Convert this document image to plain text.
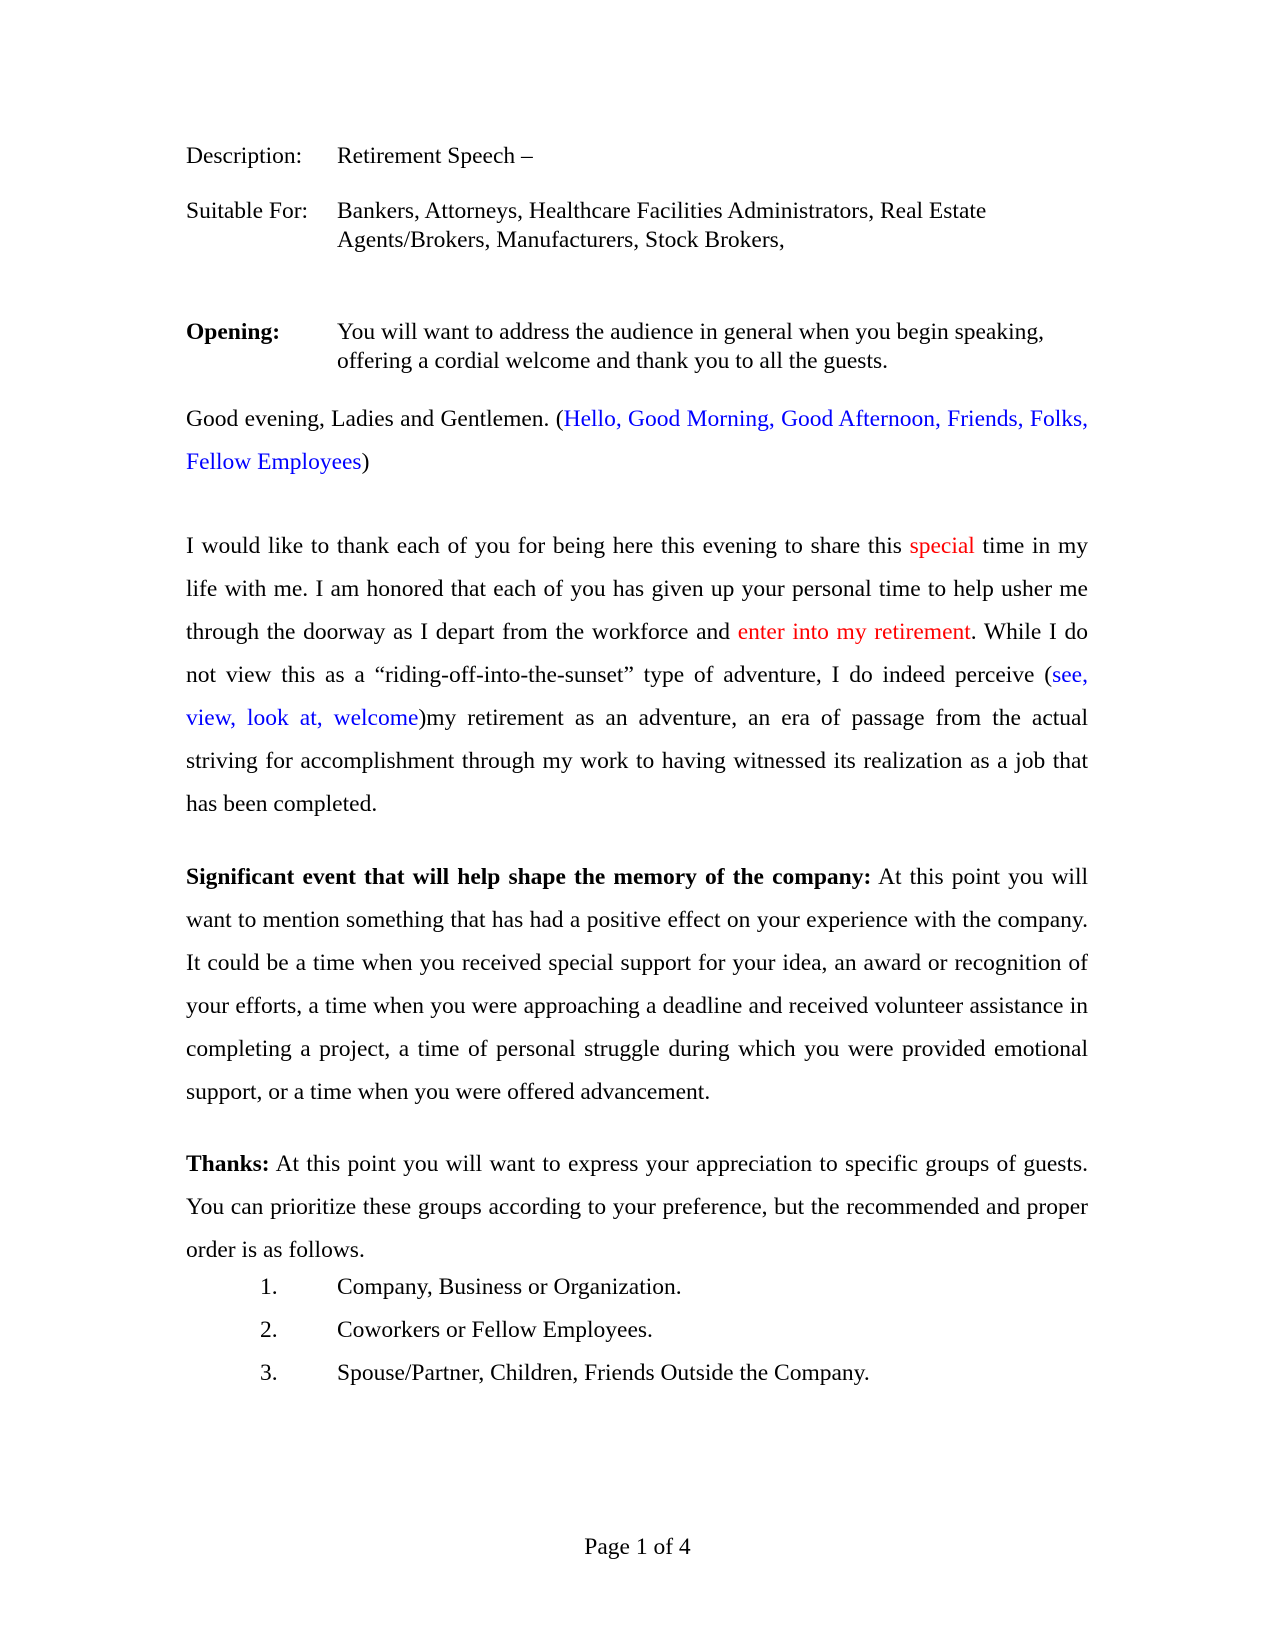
Description: Retirement Speech –
Suitable For: Bankers, Attorneys, Healthcare Facilities Administrators, Real Estate Agents/Brokers, Manufacturers, Stock Brokers,
Opening: You will want to address the audience in general when you begin speaking, offering a cordial welcome and thank you to all the guests.
Good evening, Ladies and Gentlemen. (Hello, Good Morning, Good Afternoon, Friends, Folks, Fellow Employees)
I would like to thank each of you for being here this evening to share this special time in my life with me. I am honored that each of you has given up your personal time to help usher me through the doorway as I depart from the workforce and enter into my retirement. While I do not view this as a “riding-off-into-the-sunset” type of adventure, I do indeed perceive (see, view, look at, welcome)my retirement as an adventure, an era of passage from the actual striving for accomplishment through my work to having witnessed its realization as a job that has been completed.
Significant event that will help shape the memory of the company: At this point you will want to mention something that has had a positive effect on your experience with the company. It could be a time when you received special support for your idea, an award or recognition of your efforts, a time when you were approaching a deadline and received volunteer assistance in completing a project, a time of personal struggle during which you were provided emotional support, or a time when you were offered advancement.
Thanks: At this point you will want to express your appreciation to specific groups of guests. You can prioritize these groups according to your preference, but the recommended and proper order is as follows.
1.	Company, Business or Organization.
2.	Coworkers or Fellow Employees.
3.	Spouse/Partner, Children, Friends Outside the Company.
Page 1 of 4
